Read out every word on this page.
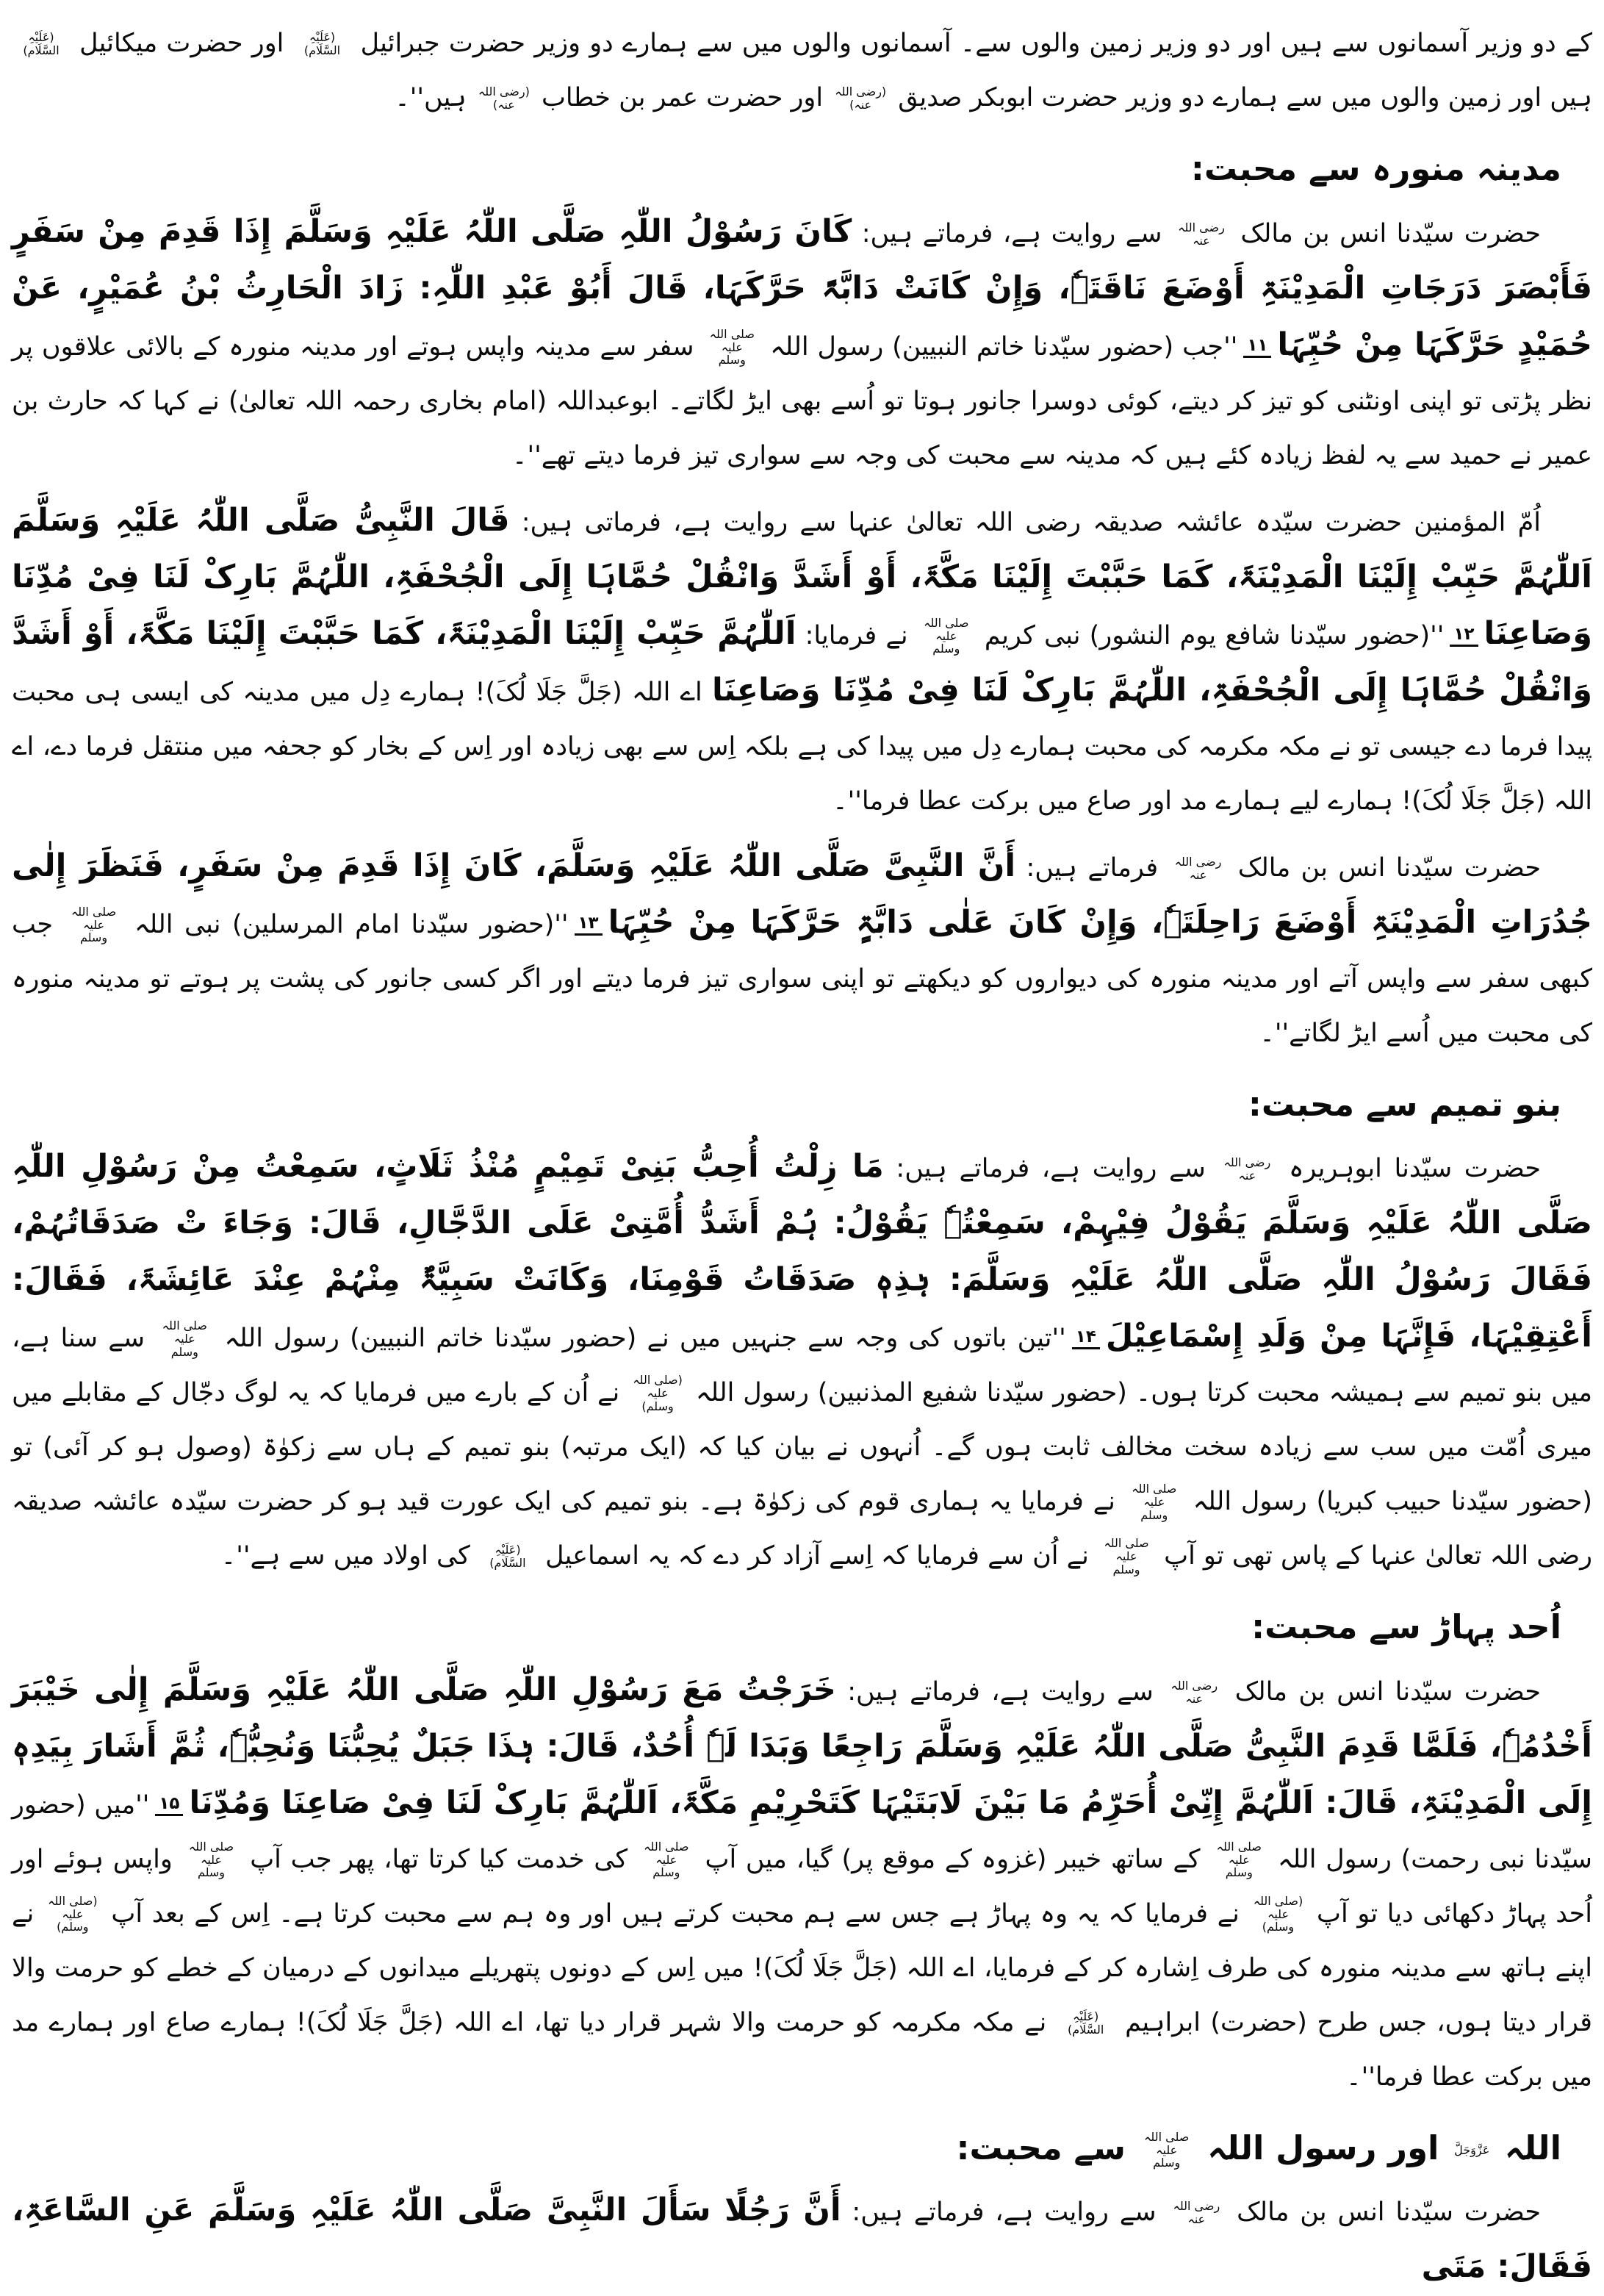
کے دو وزیر آسمانوں سے ہیں اور دو وزیر زمین والوں سے۔ آسمانوں والوں میں سے ہمارے دو وزیر حضرت جبرائیل (عَلَیْہِ السَّلَام) اور حضرت میکائیل (عَلَیْہِ السَّلَام) ہیں اور زمین والوں میں سے ہمارے دو وزیر حضرت ابوبکر صدیق (رضی اللہ عنہ) اور حضرت عمر بن خطاب (رضی اللہ عنہ) ہیں''۔

مدینہ منورہ سے محبت:

حضرت سیّدنا انس بن مالک رضی اللہ عنہ سے روایت ہے، فرماتے ہیں: کَانَ رَسُوْلُ اللّٰہِ صَلَّی اللّٰہُ عَلَیْہِ وَسَلَّمَ إِذَا قَدِمَ مِنْ سَفَرٍ فَأَبْصَرَ دَرَجَاتِ الْمَدِیْنَۃِ أَوْضَعَ نَاقَتَہٗ، وَإِنْ کَانَتْ دَابَّۃً حَرَّکَہَا، قَالَ أَبُوْ عَبْدِ اللّٰہِ: زَادَ الْحَارِثُ بْنُ عُمَیْرٍ، عَنْ حُمَیْدٍ حَرَّکَہَا مِنْ حُبِّہَا۱۱''جب (حضور سیّدنا خاتم النبیین) رسول اللہ صلی اللہ علیہ وسلم سفر سے مدینہ واپس ہوتے اور مدینہ منورہ کے بالائی علاقوں پر نظر پڑتی تو اپنی اونٹنی کو تیز کر دیتے، کوئی دوسرا جانور ہوتا تو اُسے بھی ایڑ لگاتے۔ ابوعبداللہ (امام بخاری رحمہ اللہ تعالیٰ) نے کہا کہ حارث بن عمیر نے حمید سے یہ لفظ زیادہ کئے ہیں کہ مدینہ سے محبت کی وجہ سے سواری تیز فرما دیتے تھے''۔

اُمّ المؤمنین حضرت سیّدہ عائشہ صدیقہ رضی اللہ تعالیٰ عنہا سے روایت ہے، فرماتی ہیں: قَالَ النَّبِیُّ صَلَّی اللّٰہُ عَلَیْہِ وَسَلَّمَ اَللّٰہُمَّ حَبِّبْ إِلَیْنَا الْمَدِیْنَۃَ، کَمَا حَبَّبْتَ إِلَیْنَا مَکَّۃَ، أَوْ أَشَدَّ وَانْقُلْ حُمَّاہَا إِلَی الْجُحْفَۃِ، اللّٰہُمَّ بَارِکْ لَنَا فِیْ مُدِّنَا وَصَاعِنَا۱۲''(حضور سیّدنا شافع یوم النشور) نبی کریم صلی اللہ علیہ وسلم نے فرمایا: اَللّٰہُمَّ حَبِّبْ إِلَیْنَا الْمَدِیْنَۃَ، کَمَا حَبَّبْتَ إِلَیْنَا مَکَّۃَ، أَوْ أَشَدَّ وَانْقُلْ حُمَّاہَا إِلَی الْجُحْفَۃِ، اللّٰہُمَّ بَارِکْ لَنَا فِیْ مُدِّنَا وَصَاعِنَا اے اللہ (جَلَّ جَلَا لُکَ)! ہمارے دِل میں مدینہ کی ایسی ہی محبت پیدا فرما دے جیسی تو نے مکہ مکرمہ کی محبت ہمارے دِل میں پیدا کی ہے بلکہ اِس سے بھی زیادہ اور اِس کے بخار کو جحفہ میں منتقل فرما دے، اے اللہ (جَلَّ جَلَا لُکَ)! ہمارے لیے ہمارے مد اور صاع میں برکت عطا فرما''۔

حضرت سیّدنا انس بن مالک رضی اللہ عنہ فرماتے ہیں: أَنَّ النَّبِیَّ صَلَّی اللّٰہُ عَلَیْہِ وَسَلَّمَ، کَانَ إِذَا قَدِمَ مِنْ سَفَرٍ، فَنَظَرَ إِلٰی جُدُرَاتِ الْمَدِیْنَۃِ أَوْضَعَ رَاحِلَتَہٗ، وَإِنْ کَانَ عَلٰی دَابَّۃٍ حَرَّکَہَا مِنْ حُبِّہَا۱۳''(حضور سیّدنا امام المرسلین) نبی اللہ صلی اللہ علیہ وسلم جب کبھی سفر سے واپس آتے اور مدینہ منورہ کی دیواروں کو دیکھتے تو اپنی سواری تیز فرما دیتے اور اگر کسی جانور کی پشت پر ہوتے تو مدینہ منورہ کی محبت میں اُسے ایڑ لگاتے''۔

بنو تمیم سے محبت:

حضرت سیّدنا ابوہریرہ رضی اللہ عنہ سے روایت ہے، فرماتے ہیں: مَا زِلْتُ أُحِبُّ بَنِیْ تَمِیْمٍ مُنْذُ ثَلَاثٍ، سَمِعْتُ مِنْ رَسُوْلِ اللّٰہِ صَلَّی اللّٰہُ عَلَیْہِ وَسَلَّمَ یَقُوْلُ فِیْہِمْ، سَمِعْتُہٗ یَقُوْلُ: ہُمْ أَشَدُّ أُمَّتِیْ عَلَی الدَّجَّالِ، قَالَ: وَجَاءَ تْ صَدَقَاتُہُمْ، فَقَالَ رَسُوْلُ اللّٰہِ صَلَّی اللّٰہُ عَلَیْہِ وَسَلَّمَ: ہٰذِہٖ صَدَقَاتُ قَوْمِنَا، وَکَانَتْ سَبِیَّۃٌ مِنْہُمْ عِنْدَ عَائِشَۃَ، فَقَالَ: أَعْتِقِیْہَا، فَإِنَّہَا مِنْ وَلَدِ إِسْمَاعِیْلَ۱۴''تین باتوں کی وجہ سے جنہیں میں نے (حضور سیّدنا خاتم النبیین) رسول اللہ صلی اللہ علیہ وسلم سے سنا ہے، میں بنو تمیم سے ہمیشہ محبت کرتا ہوں۔ (حضور سیّدنا شفیع المذنبین) رسول اللہ (صلی اللہ علیہ وسلم) نے اُن کے بارے میں فرمایا کہ یہ لوگ دجّال کے مقابلے میں میری اُمّت میں سب سے زیادہ سخت مخالف ثابت ہوں گے۔ اُنہوں نے بیان کیا کہ (ایک مرتبہ) بنو تمیم کے ہاں سے زکوٰۃ (وصول ہو کر آئی) تو (حضور سیّدنا حبیب کبریا) رسول اللہ صلی اللہ علیہ وسلم نے فرمایا یہ ہماری قوم کی زکوٰۃ ہے۔ بنو تمیم کی ایک عورت قید ہو کر حضرت سیّدہ عائشہ صدیقہ رضی اللہ تعالیٰ عنہا کے پاس تھی تو آپ صلی اللہ علیہ وسلم نے اُن سے فرمایا کہ اِسے آزاد کر دے کہ یہ اسماعیل (عَلَیْہِ السَّلَام) کی اولاد میں سے ہے''۔

اُحد پہاڑ سے محبت:

حضرت سیّدنا انس بن مالک رضی اللہ عنہ سے روایت ہے، فرماتے ہیں: خَرَجْتُ مَعَ رَسُوْلِ اللّٰہِ صَلَّی اللّٰہُ عَلَیْہِ وَسَلَّمَ إِلٰی خَیْبَرَ أَخْدُمُہٗ، فَلَمَّا قَدِمَ النَّبِیُّ صَلَّی اللّٰہُ عَلَیْہِ وَسَلَّمَ رَاجِعًا وَبَدَا لَہٗ أُحُدٌ، قَالَ: ہٰذَا جَبَلٌ یُحِبُّنَا وَنُحِبُّہٗ، ثُمَّ أَشَارَ بِیَدِہٖ إِلَی الْمَدِیْنَۃِ، قَالَ: اَللّٰہُمَّ إِنِّیْ أُحَرِّمُ مَا بَیْنَ لَابَتَیْہَا کَتَحْرِیْمِ مَکَّۃَ، اَللّٰہُمَّ بَارِکْ لَنَا فِیْ صَاعِنَا وَمُدِّنَا۱۵''میں (حضور سیّدنا نبی رحمت) رسول اللہ صلی اللہ علیہ وسلم کے ساتھ خیبر (غزوہ کے موقع پر) گیا، میں آپ صلی اللہ علیہ وسلم کی خدمت کیا کرتا تھا، پھر جب آپ صلی اللہ علیہ وسلم واپس ہوئے اور اُحد پہاڑ دکھائی دیا تو آپ (صلی اللہ علیہ وسلم) نے فرمایا کہ یہ وہ پہاڑ ہے جس سے ہم محبت کرتے ہیں اور وہ ہم سے محبت کرتا ہے۔ اِس کے بعد آپ (صلی اللہ علیہ وسلم) نے اپنے ہاتھ سے مدینہ منورہ کی طرف اِشارہ کر کے فرمایا، اے اللہ (جَلَّ جَلَا لُکَ)! میں اِس کے دونوں پتھریلے میدانوں کے درمیان کے خطے کو حرمت والا قرار دیتا ہوں، جس طرح (حضرت) ابراہیم (عَلَیْہِ السَّلَام) نے مکہ مکرمہ کو حرمت والا شہر قرار دیا تھا، اے اللہ (جَلَّ جَلَا لُکَ)! ہمارے صاع اور ہمارے مد میں برکت عطا فرما''۔

اللہ عَزَّوَجَلَّ اور رسول اللہ صلی اللہ علیہ وسلم سے محبت:

حضرت سیّدنا انس بن مالک رضی اللہ عنہ سے روایت ہے، فرماتے ہیں: أَنَّ رَجُلًا سَأَلَ النَّبِیَّ صَلَّی اللّٰہُ عَلَیْہِ وَسَلَّمَ عَنِ السَّاعَۃِ، فَقَالَ: مَتَی
